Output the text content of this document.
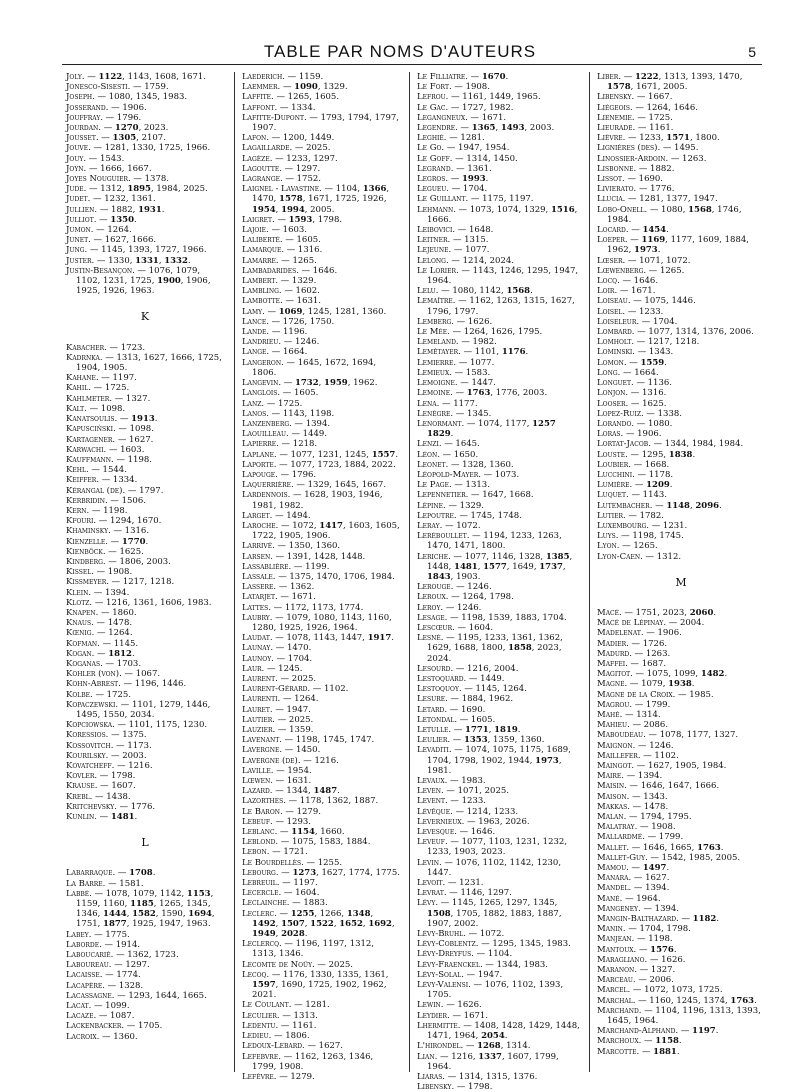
TABLE PAR NOMS D'AUTEURS	5
Joly. — 1122, 1143, 1608, 1671.
Jonesco-Sisesti. — 1759.
Joseph. — 1080, 1345, 1983.
Josserand. — 1906.
Jouffray. — 1796.
Jourdan. — 1270, 2023.
Jousset. — 1305, 2107.
Jouve. — 1281, 1330, 1725, 1966.
Jouy. — 1543.
Joyn. — 1666, 1667.
Joyes Nouguier. — 1378.
Jude. — 1312, 1895, 1984, 2025.
Judet. — 1232, 1361.
Jullien. — 1882, 1931.
Julliot. — 1350.
Jumon. — 1264.
Junet. — 1627, 1666.
Jung. — 1145, 1393, 1727, 1966.
Juster. — 1330, 1331, 1332.
Justin-Besançon. — 1076, 1079, 1102, 1231, 1725, 1900, 1906, 1925, 1926, 1963.
K
Kabacher. — 1723.
Kadrnka. — 1313, 1627, 1666, 1725, 1904, 1905.
Kahane. — 1197.
Kahil. — 1725.
Kahlmeter. — 1327.
Kalt. — 1098.
Kanatsoulis. — 1913.
Kapusciński. — 1098.
Kartagener. — 1627.
Karwachi. — 1603.
Kauffmann. — 1198.
Kehl. — 1544.
Keiffer. — 1334.
Kérangal (de). — 1797.
Kerbridin. — 1506.
Kern. — 1198.
Kfouri. — 1294, 1670.
Khaminsky. — 1316.
Kienzelle. — 1770.
Kienböck. — 1625.
Kindberg. — 1806, 2003.
Kissel. — 1908.
Kissmeyer. — 1217, 1218.
Klein. — 1394.
Klotz. — 1216, 1361, 1606, 1983.
Knapen. — 1860.
Knaus. — 1478.
Kœnig. — 1264.
Kofman. — 1145.
Kogan. — 1812.
Koganas. — 1703.
Kohler (von). — 1067.
Kohn-Abrest. — 1196, 1446.
Kolbe. — 1725.
Kopaczewski. — 1101, 1279, 1446, 1495, 1550, 2034.
Kopciowska. — 1101, 1175, 1230.
Koressios. — 1375.
Kossovitch. — 1173.
Kourilsky. — 2003.
Kovatcheff. — 1216.
Kovler. — 1798.
Krause. — 1607.
Krebl. — 1438.
Kritchevsky. — 1776.
Kunlin. — 1481.
L
Labarraque. — 1708.
La Barre. — 1581.
Labbé. — 1078, 1079, 1142, 1153, 1159, 1160, 1185, 1265, 1345, 1346, 1444, 1582, 1590, 1694, 1751, 1877, 1925, 1947, 1963.
Labey. — 1775.
Laborde. — 1914.
Laboucarié. — 1362, 1723.
Laboureau. — 1297.
Lacaisse. — 1774.
Lacapère. — 1328.
Lacassagne. — 1293, 1644, 1665.
Lacat. — 1099.
Lacaze. — 1087.
Lackenbacker. — 1705.
Lacroix. — 1360.
Laederich. — 1159.
Laemmer. — 1090, 1329.
Laffite. — 1265, 1605.
Laffont. — 1334.
Lafitte-Dupont. — 1793, 1794, 1797, 1907.
Lafon. — 1200, 1449.
Lagaillarde. — 2025.
Lagèze. — 1233, 1297.
Lagoutte. — 1297.
Lagrange. — 1752.
Laignel - Lavastine. — 1104, 1366, 1470, 1578, 1671, 1725, 1926, 1954, 1994, 2005.
Laigret. — 1593, 1798.
Lajoie. — 1603.
Laliberté. — 1605.
Lamarque. — 1316.
Lamarre. — 1265.
Lambadarides. — 1646.
Lambert. — 1329.
Lambling. — 1602.
Lambotte. — 1631.
Lamy. — 1069, 1245, 1281, 1360.
Lance. — 1726, 1750.
Lande. — 1196.
Landrieu. — 1246.
Lange. — 1664.
Langeron. — 1645, 1672, 1694, 1806.
Langevin. — 1732, 1959, 1962.
Langlois. — 1605.
Lanz. — 1725.
Lanos. — 1143, 1198.
Lanzenberg. — 1394.
Laouilleau. — 1449.
Lapierre. — 1218.
Laplane. — 1077, 1231, 1245, 1557.
Laporte. — 1077, 1723, 1884, 2022.
Lapouge. — 1796.
Laquerrière. — 1329, 1645, 1667.
Lardennois. — 1628, 1903, 1946, 1981, 1982.
Larget. — 1494.
Laroche. — 1072, 1417, 1603, 1605, 1722, 1905, 1906.
Larrivé. — 1350, 1360.
Larsen. — 1391, 1428, 1448.
Lassablière. — 1199.
Lassale. — 1375, 1470, 1706, 1984.
Lassere. — 1362.
Latarjet. — 1671.
Lattes. — 1172, 1173, 1774.
Laubry. — 1079, 1080, 1143, 1160, 1280, 1925, 1926, 1964.
Laudat. — 1078, 1143, 1447, 1917.
Launay. — 1470.
Launoy. — 1704.
Laur. — 1245.
Laurent. — 2025.
Laurent-Gérard. — 1102.
Laurenti. — 1264.
Lauret. — 1947.
Lautier. — 2025.
Lauzier. — 1359.
Lavenant. — 1198, 1745, 1747.
Lavergne. — 1450.
Lavergne (de). — 1216.
Laville. — 1954.
Lœwen. — 1631.
Lazard. — 1344, 1487.
Lazorthes. — 1178, 1362, 1887.
Le Baron. — 1279.
Lebeuf. — 1293.
Leblanc. — 1154, 1660.
Leblond. — 1075, 1583, 1884.
Lebon. — 1721.
Le Bourdellès. — 1255.
Lebourg. — 1273, 1627, 1774, 1775.
Lebreuil. — 1197.
Lecercle. — 1604.
Leclainche. — 1883.
Leclerc. — 1255, 1266, 1348, 1492, 1507, 1522, 1652, 1692, 1949, 2028.
Leclercq. — 1196, 1197, 1312, 1313, 1346.
Lecomte de Noüy. — 2025.
Lecoq. — 1176, 1330, 1335, 1361, 1597, 1690, 1725, 1902, 1962, 2021.
Le Coulant. — 1281.
Leculier. — 1313.
Ledentu. — 1161.
Ledieu. — 1806.
Ledoux-Lebard. — 1627.
Lefebvre. — 1162, 1263, 1346, 1799, 1908.
Lefèvre. — 1279.
Le Filliatre. — 1670.
Le Fort. — 1908.
Lefrou. — 1161, 1449, 1965.
Le Gac. — 1727, 1982.
Legangneux. — 1671.
Legendre. — 1365, 1493, 2003.
Leghié. — 1281.
Le Go. — 1947, 1954.
Le Goff. — 1314, 1450.
Legrand. — 1361.
Legros. — 1993.
Legueu. — 1704.
Le Guillant. — 1175, 1197.
Lehmann. — 1073, 1074, 1329, 1516, 1666.
Leibovici. — 1648.
Leitner. — 1315.
Lejeune. — 1077.
Lelong. — 1214, 2024.
Le Lorier. — 1143, 1246, 1295, 1947, 1964.
Lelu. — 1080, 1142, 1568.
Lemaître. — 1162, 1263, 1315, 1627, 1796, 1797.
Lemberg. — 1626.
Le Mée. — 1264, 1626, 1795.
Lemeland. — 1982.
Lemétayer. — 1101, 1176.
Lemierre. — 1077.
Lemieux. — 1583.
Lemoigne. — 1447.
Lemoine. — 1763, 1776, 2003.
Lena. — 1177.
Lenègre. — 1345.
Lenormant. — 1074, 1177, 1257 1829.
Lenzi. — 1645.
Léon. — 1650.
Leonet. — 1328, 1360.
Léopold-Mayer. — 1073.
Le Page. — 1313.
Lepennetier. — 1647, 1668.
Lépine. — 1329.
Lepoutre. — 1745, 1748.
Leray. — 1072.
Leréboullet. — 1194, 1233, 1263, 1470, 1471, 1800.
Leriche. — 1077, 1146, 1328, 1385, 1448, 1481, 1577, 1649, 1737, 1843, 1903.
Lerouge. — 1246.
Leroux. — 1264, 1798.
Leroy. — 1246.
Lesage. — 1198, 1539, 1883, 1704.
Lescœur. — 1604.
Lesné. — 1195, 1233, 1361, 1362, 1629, 1688, 1800, 1858, 2023, 2024.
Lesourd. — 1216, 2004.
Lestoquard. — 1449.
Lestoquoy. — 1145, 1264.
Lesure. — 1884, 1962.
Letard. — 1690.
Letondal. — 1605.
Letulle. — 1771, 1819.
Leulier. — 1353, 1359, 1360.
Levaditi. — 1074, 1075, 1175, 1689, 1704, 1798, 1902, 1944, 1973, 1981.
Levaux. — 1983.
Leven. — 1071, 2025.
Levent. — 1233.
Lévêque. — 1214, 1233.
Levernieux. — 1963, 2026.
Levesque. — 1646.
Leveuf. — 1077, 1103, 1231, 1232, 1233, 1903, 2023.
Levin. — 1076, 1102, 1142, 1230, 1447.
Levoit. — 1231.
Levrat. — 1146, 1297.
Lévy. — 1145, 1265, 1297, 1345, 1508, 1705, 1882, 1883, 1887, 1907, 2002.
Lévy-Bruhl. — 1072.
Lévy-Coblentz. — 1295, 1345, 1983.
Lévy-Dreyfus. — 1104.
Lévy-Fraenckel. — 1344, 1983.
Lévy-Solal. — 1947.
Lévy-Valensi. — 1076, 1102, 1393, 1705.
Lewin. — 1626.
Leydier. — 1671.
Lhermitte. — 1408, 1428, 1429, 1448, 1471, 1964, 2054.
L'hirondel. — 1268, 1314.
Lian. — 1216, 1337, 1607, 1799, 1964.
Liaras. — 1314, 1315, 1376.
Libensky. — 1798.
Liber. — 1222, 1313, 1393, 1470, 1578, 1671, 2005.
Libensky. — 1667.
Liégeois. — 1264, 1646.
Lienemie. — 1725.
Lieurade. — 1161.
Lièvre. — 1233, 1571, 1800.
Lignières (des). — 1495.
Linossier-Ardoin. — 1263.
Lisbonne. — 1882.
Lissot. — 1690.
Livierato. — 1776.
Llucia. — 1281, 1377, 1947.
Lobo-Onell. — 1080, 1568, 1746, 1984.
Locard. — 1454.
Loeper. — 1169, 1177, 1609, 1884, 1962, 1973.
Lœser. — 1071, 1072.
Lœwenberg. — 1265.
Locq. — 1646.
Loir. — 1671.
Loiseau. — 1075, 1446.
Loisel. — 1233.
Loiseleur. — 1704.
Lombard. — 1077, 1314, 1376, 2006.
Lomholt. — 1217, 1218.
Lominski. — 1343.
Lomon. — 1559.
Long. — 1664.
Longuet. — 1136.
Lonjon. — 1316.
Looser. — 1625.
Lopez-Ruiz. — 1338.
Lorando. — 1080.
Loras. — 1906.
Lortat-Jacob. — 1344, 1984, 1984.
Louste. — 1295, 1838.
Loubier. — 1668.
Lucchini. — 1178.
Lumière. — 1209.
Luquet. — 1143.
Lutembacher. — 1148, 2096.
Lutier. — 1782.
Luxembourg. — 1231.
Luys. — 1198, 1745.
Lyon. — 1265.
Lyon-Caen. — 1312.
M
Macé. — 1751, 2023, 2060.
Macé de Lépinay. — 2004.
Madelenat. — 1906.
Madier. — 1726.
Madurd. — 1263.
Maffei. — 1687.
Magitot. — 1075, 1099, 1482.
Magne. — 1079, 1938.
Magne de la Croix. — 1985.
Magrou. — 1799.
Mahé. — 1314.
Mahieu. — 2086.
Maboudeau. — 1078, 1177, 1327.
Maignon. — 1246.
Maillefer. — 1102.
Maingot. — 1627, 1905, 1984.
Maire. — 1394.
Maisin. — 1646, 1647, 1666.
Maison. — 1343.
Makkas. — 1478.
Malan. — 1794, 1795.
Malatray. — 1908.
Mallardmé. — 1799.
Mallet. — 1646, 1665, 1763.
Mallet-Guy. — 1542, 1985, 2005.
Mamou. — 1497.
Manara. — 1627.
Mandel. — 1394.
Mané. — 1964.
Mangeney. — 1394.
Mangin-Balthazard. — 1182.
Manin. — 1704, 1798.
Manjean. — 1198.
Mantoux. — 1576.
Maragliano. — 1626.
Maranon. — 1327.
Marceau. — 2006.
Marcel. — 1072, 1073, 1725.
Marchal. — 1160, 1245, 1374, 1763.
Marchand. — 1104, 1196, 1313, 1393, 1645, 1964.
Marchand-Alphand. — 1197.
Marchoux. — 1158.
Marcotte. — 1881.
